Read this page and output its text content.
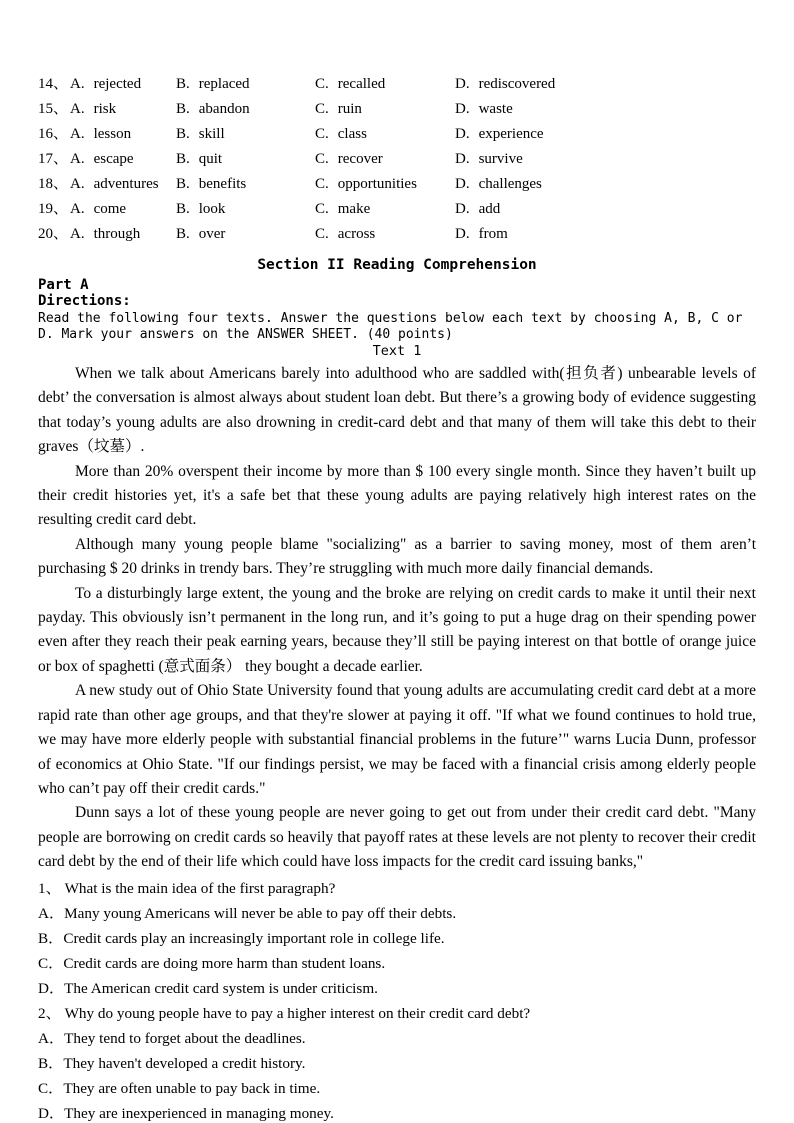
14、 A. rejected	B. replaced	C. recalled	D. rediscovered
15、 A. risk	B. abandon	C. ruin	D. waste
16、 A. lesson	B. skill	C. class	D. experience
17、 A. escape	B. quit	C. recover	D. survive
18、 A. adventures	B. benefits	C. opportunities	D. challenges
19、 A. come	B. look	C. make	D. add
20、 A. through	B. over	C. across	D. from
Section II Reading Comprehension
Part A
Directions:
Read the following four texts. Answer the questions below each text by choosing A, B, C or D. Mark your answers on the ANSWER SHEET. (40 points)
Text 1

When we talk about Americans barely into adulthood who are saddled with(担负者) unbearable levels of debt’ the conversation is almost always about student loan debt. But there’s a growing body of evidence suggesting that today’s young adults are also drowning in credit-card debt and that many of them will take this debt to their graves（坟墓）.

More than 20% overspent their income by more than $ 100 every single month. Since they haven’t built up their credit histories yet, it's a safe bet that these young adults are paying relatively high interest rates on the resulting credit card debt.

Although many young people blame "socializing" as a barrier to saving money, most of them aren’t purchasing $ 20 drinks in trendy bars. They’re struggling with much more daily financial demands.

To a disturbingly large extent, the young and the broke are relying on credit cards to make it until their next payday. This obviously isn’t permanent in the long run, and it’s going to put a huge drag on their spending power even after they reach their peak earning years, because they’ll still be paying interest on that bottle of orange juice or box of spaghetti (意式面条） they bought a decade earlier.

A new study out of Ohio State University found that young adults are accumulating credit card debt at a more rapid rate than other age groups, and that they're slower at paying it off. "If what we found continues to hold true, we may have more elderly people with substantial financial problems in the future’" warns Lucia Dunn, professor of economics at Ohio State. "If our findings persist, we may be faced with a financial crisis among elderly people who can’t pay off their credit cards."

Dunn says a lot of these young people are never going to get out from under their credit card debt. "Many people are borrowing on credit cards so heavily that payoff rates at these levels are not plenty to recover their credit card debt by the end of their life which could have loss impacts for the credit card issuing banks,"

1、 What is the main idea of the first paragraph?

A．Many young Americans will never be able to pay off their debts.

B．Credit cards play an increasingly important role in college life.

C．Credit cards are doing more harm than student loans.

D．The American credit card system is under criticism.

2、 Why do young people have to pay a higher interest on their credit card debt?

A．They tend to forget about the deadlines.

B．They haven't developed a credit history.

C．They are often unable to pay back in time.

D．They are inexperienced in managing money.
